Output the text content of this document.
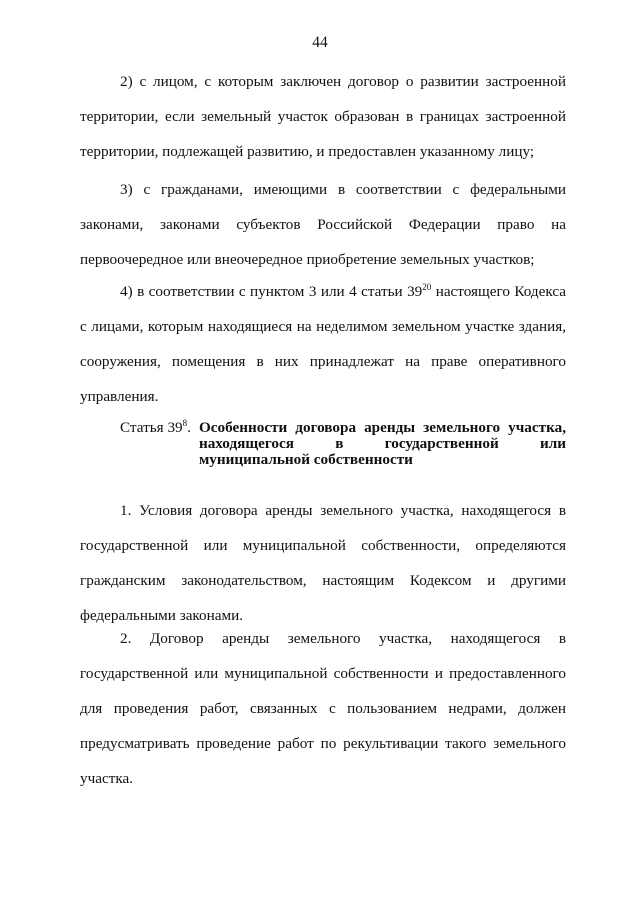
44

2) с лицом, с которым заключен договор о развитии застроенной территории, если земельный участок образован в границах застроенной территории, подлежащей развитию, и предоставлен указанному лицу;

3) с гражданами, имеющими в соответствии с федеральными законами, законами субъектов Российской Федерации право на первоочередное или внеочередное приобретение земельных участков;

4) в соответствии с пунктом 3 или 4 статьи $39^{20}$ настоящего Кодекса с лицами, которым находящиеся на неделимом земельном участке здания, сооружения, помещения в них принадлежат на праве оперативного управления.

Статья $39^8$. Особенности договора аренды земельного участка, находящегося в государственной или муниципальной собственности

1. Условия договора аренды земельного участка, находящегося в государственной или муниципальной собственности, определяются гражданским законодательством, настоящим Кодексом и другими федеральными законами.

2. Договор аренды земельного участка, находящегося в государственной или муниципальной собственности и предоставленного для проведения работ, связанных с пользованием недрами, должен предусматривать проведение работ по рекультивации такого земельного участка.
